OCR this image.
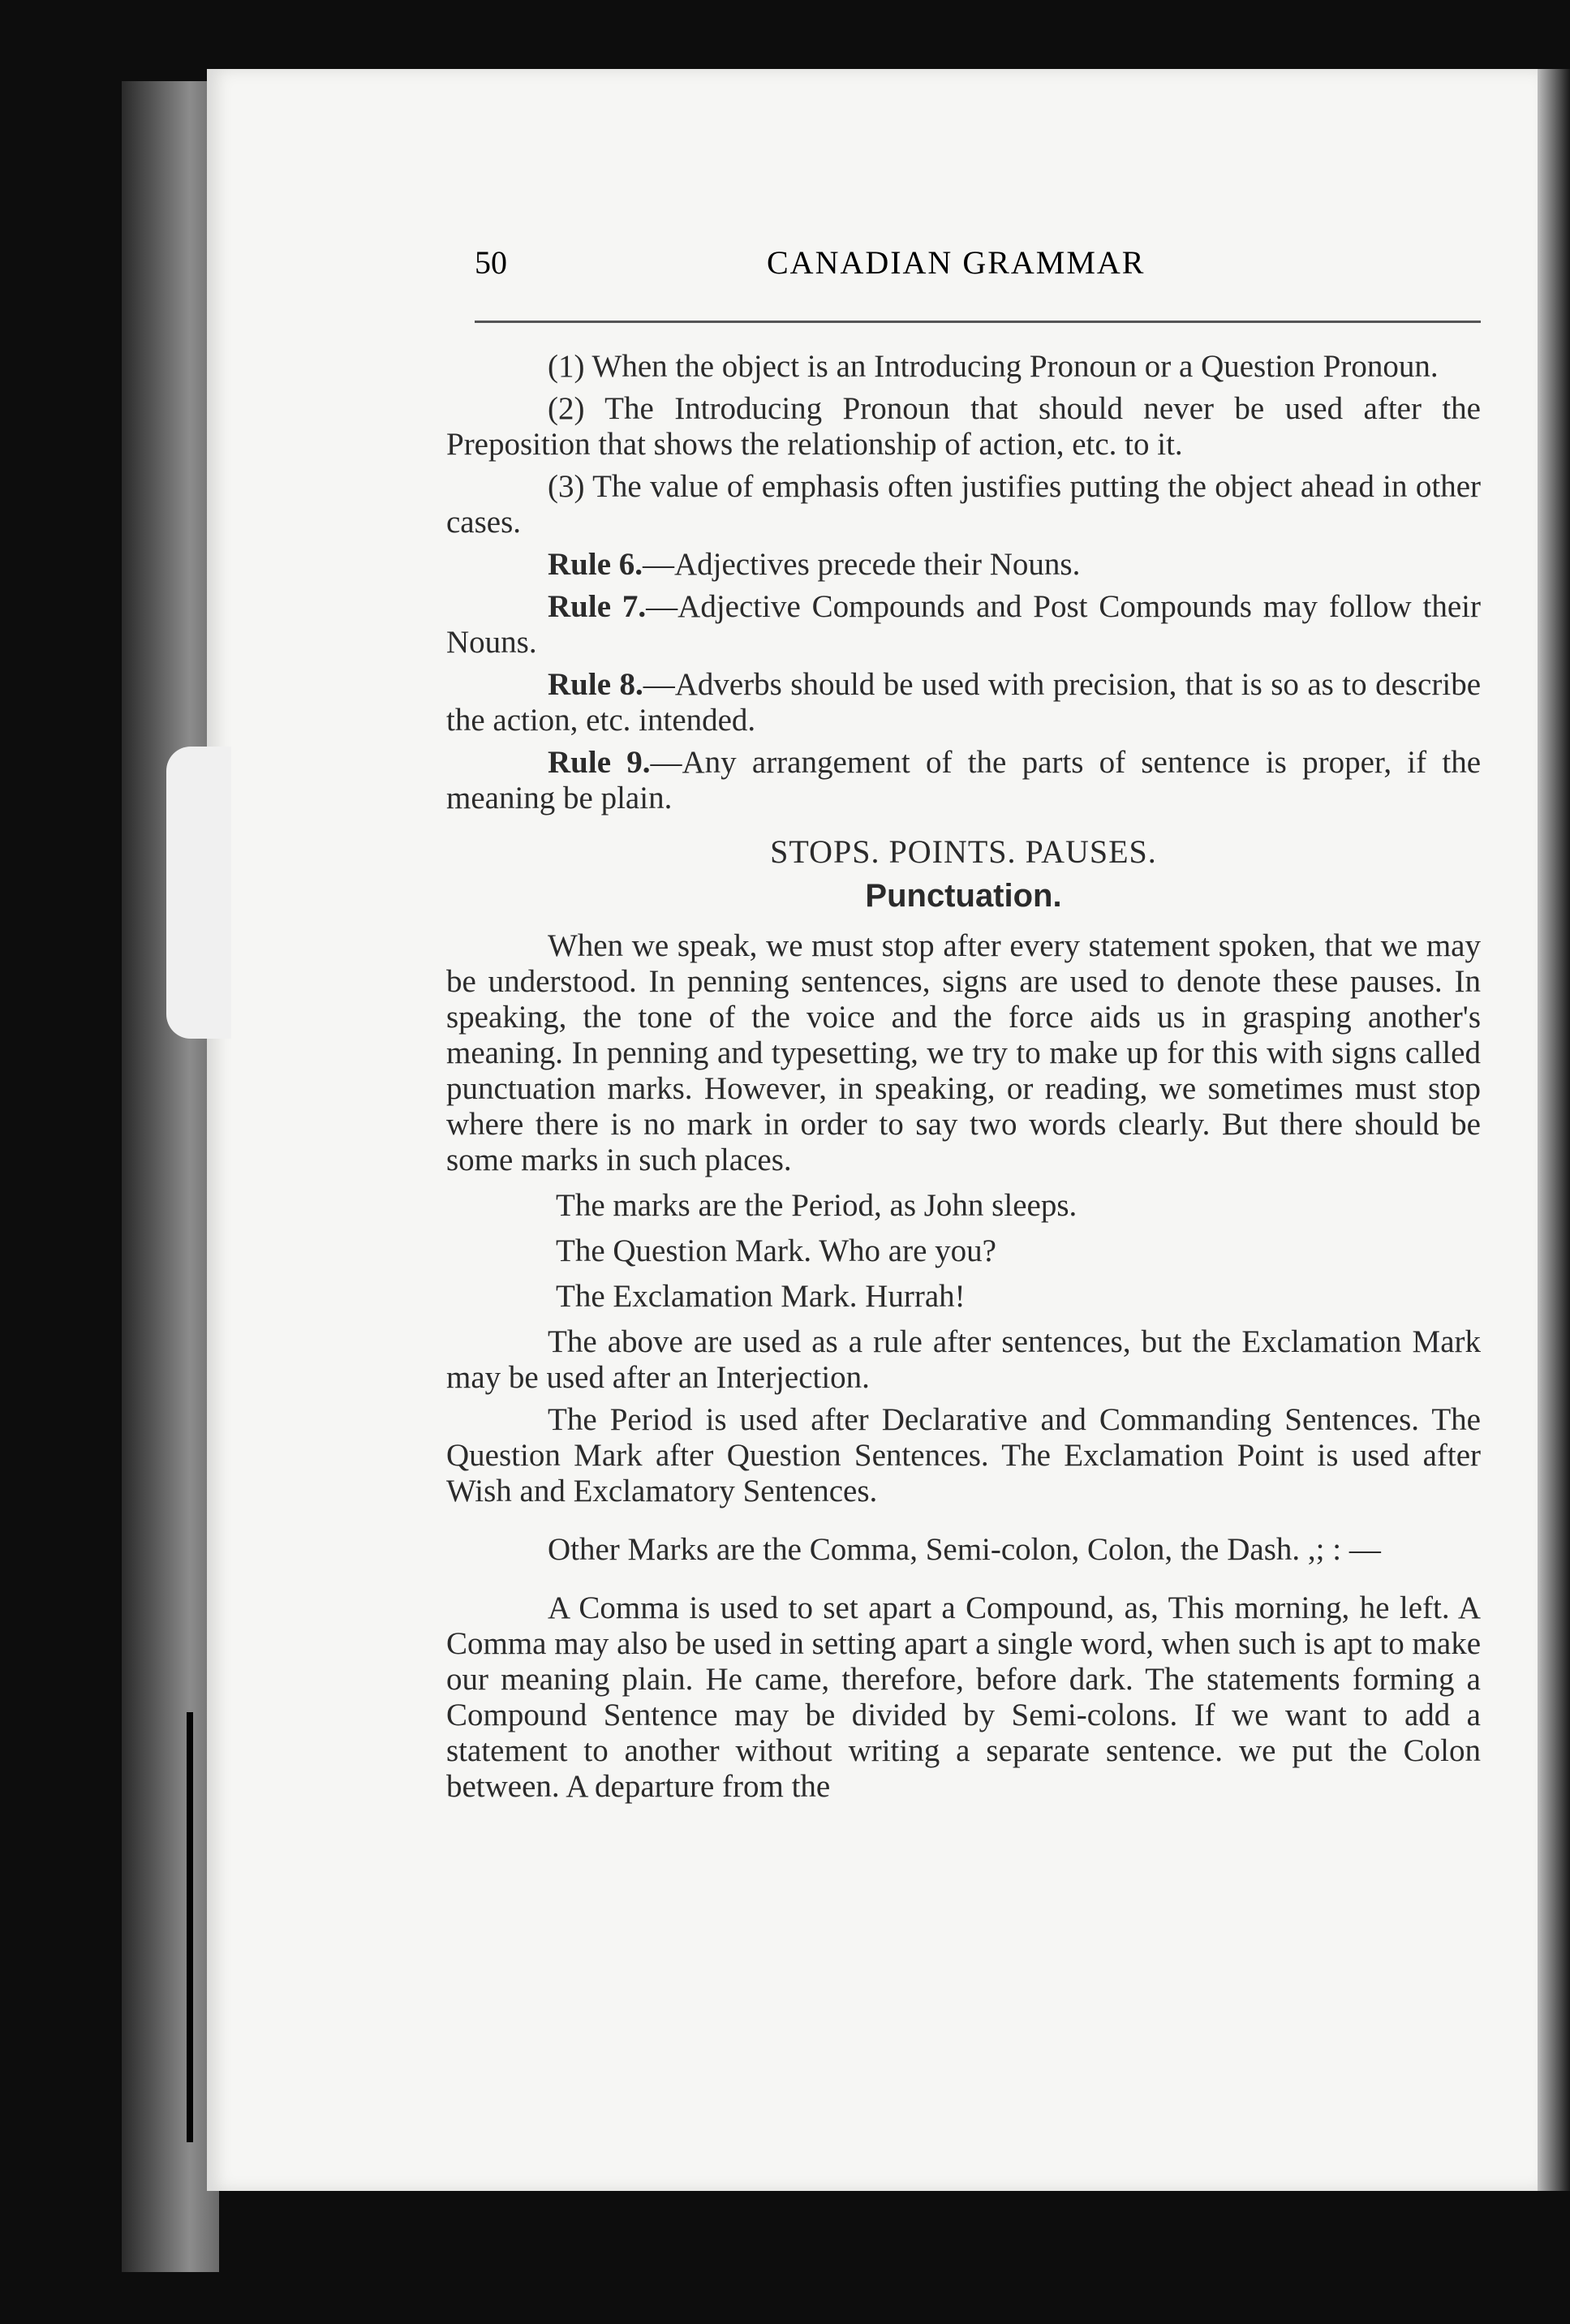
50	CANADIAN GRAMMAR

(1) When the object is an Introducing Pronoun or a Question Pronoun.

(2) The Introducing Pronoun that should never be used after the Preposition that shows the relationship of action, etc. to it.

(3) The value of emphasis often justifies putting the object ahead in other cases.

Rule 6.—Adjectives precede their Nouns.

Rule 7.—Adjective Compounds and Post Compounds may follow their Nouns.

Rule 8.—Adverbs should be used with precision, that is so as to describe the action, etc. intended.

Rule 9.—Any arrangement of the parts of sentence is proper, if the meaning be plain.

STOPS. POINTS. PAUSES.
Punctuation.

When we speak, we must stop after every statement spoken, that we may be understood. In penning sentences, signs are used to denote these pauses. In speaking, the tone of the voice and the force aids us in grasping another's meaning. In penning and typesetting, we try to make up for this with signs called punctuation marks. However, in speaking, or reading, we sometimes must stop where there is no mark in order to say two words clearly. But there should be some marks in such places.

The marks are the Period, as John sleeps.

The Question Mark. Who are you?

The Exclamation Mark. Hurrah!

The above are used as a rule after sentences, but the Exclamation Mark may be used after an Interjection.

The Period is used after Declarative and Commanding Sentences. The Question Mark after Question Sentences. The Exclamation Point is used after Wish and Exclamatory Sentences.

Other Marks are the Comma, Semi-colon, Colon, the Dash. ,; : —

A Comma is used to set apart a Compound, as, This morning, he left. A Comma may also be used in setting apart a single word, when such is apt to make our meaning plain. He came, therefore, before dark. The statements forming a Compound Sentence may be divided by Semi-colons. If we want to add a statement to another without writing a separate sentence. we put the Colon between. A departure from the
